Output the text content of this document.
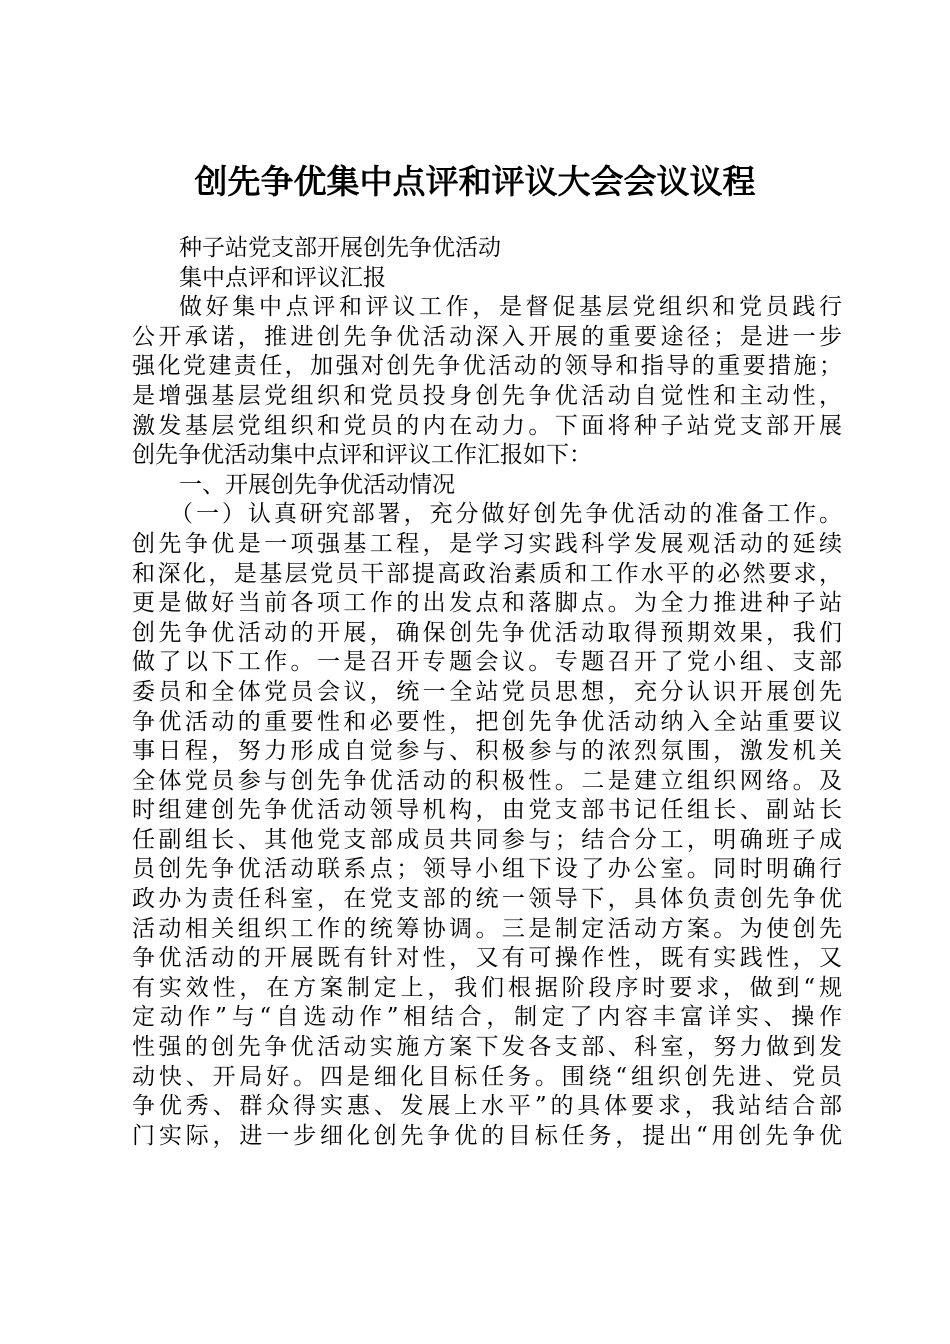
创先争优集中点评和评议大会会议议程
种子站党支部开展创先争优活动
集中点评和评议汇报
做好集中点评和评议工作，是督促基层党组织和党员践行
公开承诺，推进创先争优活动深入开展的重要途径；是进一步
强化党建责任，加强对创先争优活动的领导和指导的重要措施；
是增强基层党组织和党员投身创先争优活动自觉性和主动性，
激发基层党组织和党员的内在动力。下面将种子站党支部开展
创先争优活动集中点评和评议工作汇报如下：
一、开展创先争优活动情况
（一）认真研究部署，充分做好创先争优活动的准备工作。
创先争优是一项强基工程，是学习实践科学发展观活动的延续
和深化，是基层党员干部提高政治素质和工作水平的必然要求，
更是做好当前各项工作的出发点和落脚点。为全力推进种子站
创先争优活动的开展，确保创先争优活动取得预期效果，我们
做了以下工作。一是召开专题会议。专题召开了党小组、支部
委员和全体党员会议，统一全站党员思想，充分认识开展创先
争优活动的重要性和必要性，把创先争优活动纳入全站重要议
事日程，努力形成自觉参与、积极参与的浓烈氛围，激发机关
全体党员参与创先争优活动的积极性。二是建立组织网络。及
时组建创先争优活动领导机构，由党支部书记任组长、副站长
任副组长、其他党支部成员共同参与；结合分工，明确班子成
员创先争优活动联系点；领导小组下设了办公室。同时明确行
政办为责任科室，在党支部的统一领导下，具体负责创先争优
活动相关组织工作的统筹协调。三是制定活动方案。为使创先
争优活动的开展既有针对性，又有可操作性，既有实践性，又
有实效性，在方案制定上，我们根据阶段序时要求，做到“规
定动作”与“自选动作”相结合，制定了内容丰富详实、操作
性强的创先争优活动实施方案下发各支部、科室，努力做到发
动快、开局好。四是细化目标任务。围绕“组织创先进、党员
争优秀、群众得实惠、发展上水平”的具体要求，我站结合部
门实际，进一步细化创先争优的目标任务，提出“用创先争优
